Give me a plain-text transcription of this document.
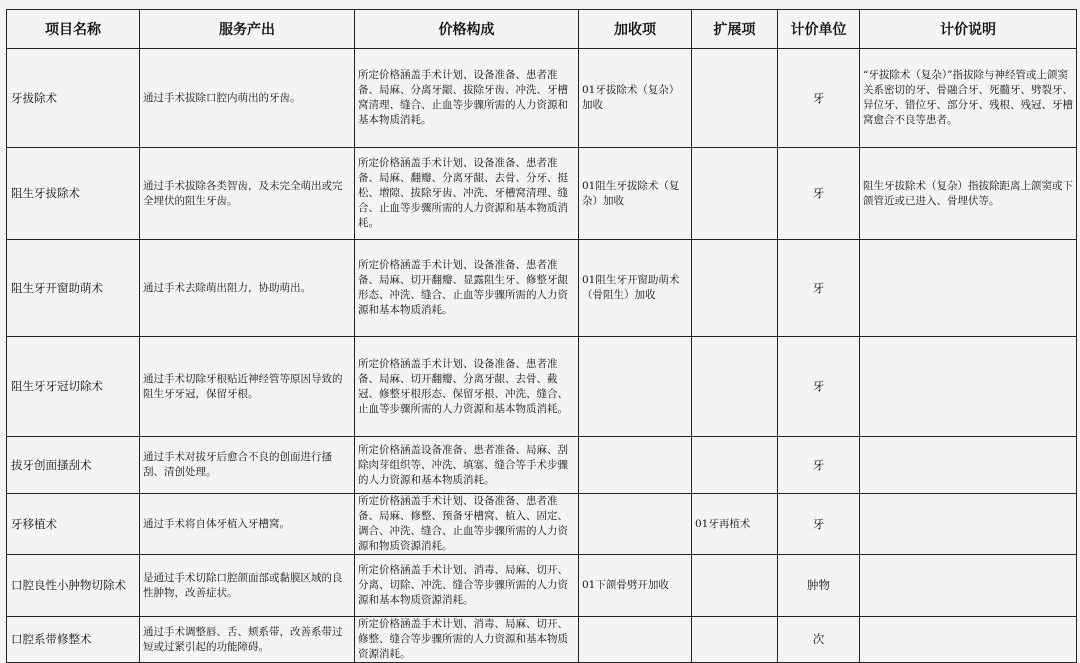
项目名称	服务产出	价格构成	加收项	扩展项	计价单位	计价说明
牙拔除术	通过手术拔除口腔内萌出的牙齿。	所定价格涵盖手术计划、设备准备、患者准备、局麻、分离牙龈、拔除牙齿、冲洗、牙槽窝清理、缝合、止血等步骤所需的人力资源和基本物质消耗。	01牙拔除术（复杂）加收		牙	“牙拔除术（复杂）”指拔除与神经管或上颌窦关系密切的牙、骨融合牙、死髓牙、劈裂牙、异位牙、错位牙、部分牙、残根、残冠、牙槽窝愈合不良等患者。
阻生牙拔除术	通过手术拔除各类智齿，及未完全萌出或完全埋伏的阻生牙齿。	所定价格涵盖手术计划、设备准备、患者准备、局麻、翻瓣、分离牙龈、去骨、分牙、挺松、增隙、拔除牙齿、冲洗、牙槽窝清理、缝合、止血等步骤所需的人力资源和基本物质消耗。	01阻生牙拔除术（复杂）加收		牙	阻生牙拔除术（复杂）指拔除距离上颌窦或下颌管近或已进入、骨埋伏等。
阻生牙开窗助萌术	通过手术去除萌出阻力，协助萌出。	所定价格涵盖手术计划、设备准备、患者准备、局麻、切开翻瓣、显露阻生牙、修整牙龈形态、冲洗、缝合、止血等步骤所需的人力资源和基本物质消耗。	01阻生牙开窗助萌术（骨阻生）加收		牙	
阻生牙牙冠切除术	通过手术切除牙根贴近神经管等原因导致的阻生牙牙冠，保留牙根。	所定价格涵盖手术计划、设备准备、患者准备、局麻、切开翻瓣、分离牙龈、去骨、截冠、修整牙根形态、保留牙根、冲洗、缝合、止血等步骤所需的人力资源和基本物质消耗。			牙	
拔牙创面搔刮术	通过手术对拔牙后愈合不良的创面进行搔刮、清创处理。	所定价格涵盖设备准备、患者准备、局麻、刮除肉芽组织等、冲洗、填塞、缝合等手术步骤的人力资源和基本物质消耗。			牙	
牙移植术	通过手术将自体牙植入牙槽窝。	所定价格涵盖手术计划、设备准备、患者准备、局麻、修整、预备牙槽窝、植入、固定、调合、冲洗、缝合、止血等步骤所需的人力资源和物质资源消耗。		01牙再植术	牙	
口腔良性小肿物切除术	是通过手术切除口腔颌面部或黏膜区域的良性肿物，改善症状。	所定价格涵盖手术计划、消毒、局麻、切开、分离、切除、冲洗、缝合等步骤所需的人力资源和基本物质资源消耗。	01下颌骨劈开加收		肿物	
口腔系带修整术	通过手术调整唇、舌、颊系带，改善系带过短或过紧引起的功能障碍。	所定价格涵盖手术计划、消毒、局麻、切开、修整、缝合等步骤所需的人力资源和基本物质资源消耗。			次	
